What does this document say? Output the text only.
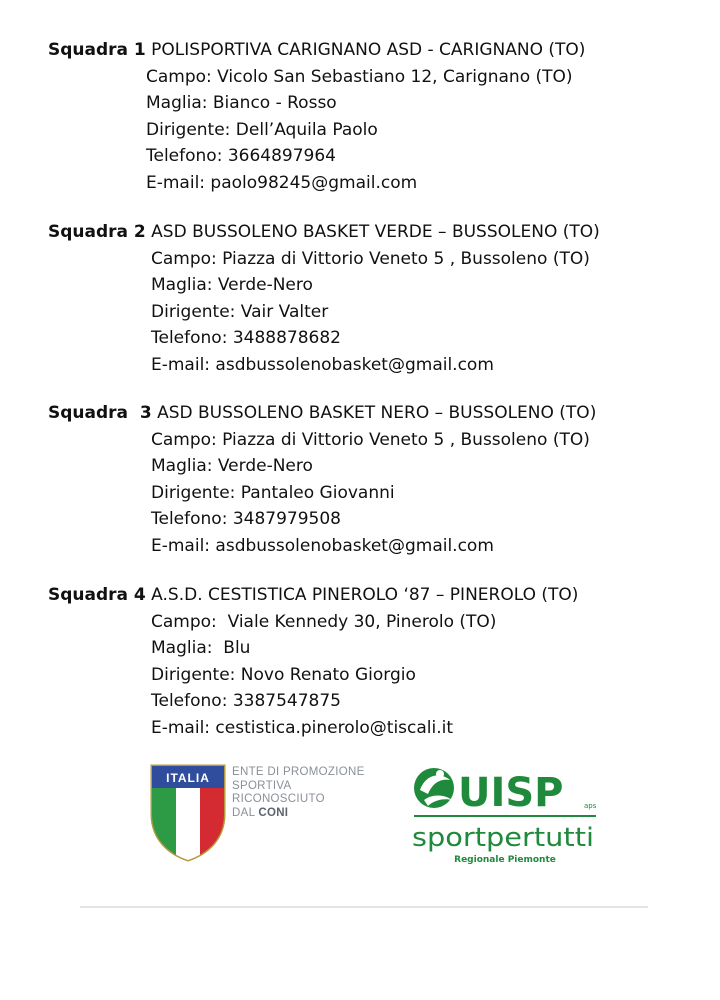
Squadra 1 POLISPORTIVA CARIGNANO ASD - CARIGNANO (TO)
Campo: Vicolo San Sebastiano 12, Carignano (TO)
Maglia: Bianco - Rosso
Dirigente: Dell’Aquila Paolo
Telefono: 3664897964
E-mail: paolo98245@gmail.com
Squadra 2 ASD BUSSOLENO BASKET VERDE – BUSSOLENO (TO)
Campo: Piazza di Vittorio Veneto 5 , Bussoleno (TO)
Maglia: Verde-Nero
Dirigente: Vair Valter
Telefono: 3488878682
E-mail: asdbussolenobasket@gmail.com
Squadra  3 ASD BUSSOLENO BASKET NERO – BUSSOLENO (TO)
Campo: Piazza di Vittorio Veneto 5 , Bussoleno (TO)
Maglia: Verde-Nero
Dirigente: Pantaleo Giovanni
Telefono: 3487979508
E-mail: asdbussolenobasket@gmail.com
Squadra 4 A.S.D. CESTISTICA PINEROLO ‘87 – PINEROLO (TO)
Campo:  Viale Kennedy 30, Pinerolo (TO)
Maglia:  Blu
Dirigente: Novo Renato Giorgio
Telefono: 3387547875
E-mail: cestistica.pinerolo@tiscali.it
ITALIA ENTE DI PROMOZIONE
SPORTIVA
RICONOSCIUTO
DAL CONI	UISP	aps
sportpertutti
Regionale Piemonte
